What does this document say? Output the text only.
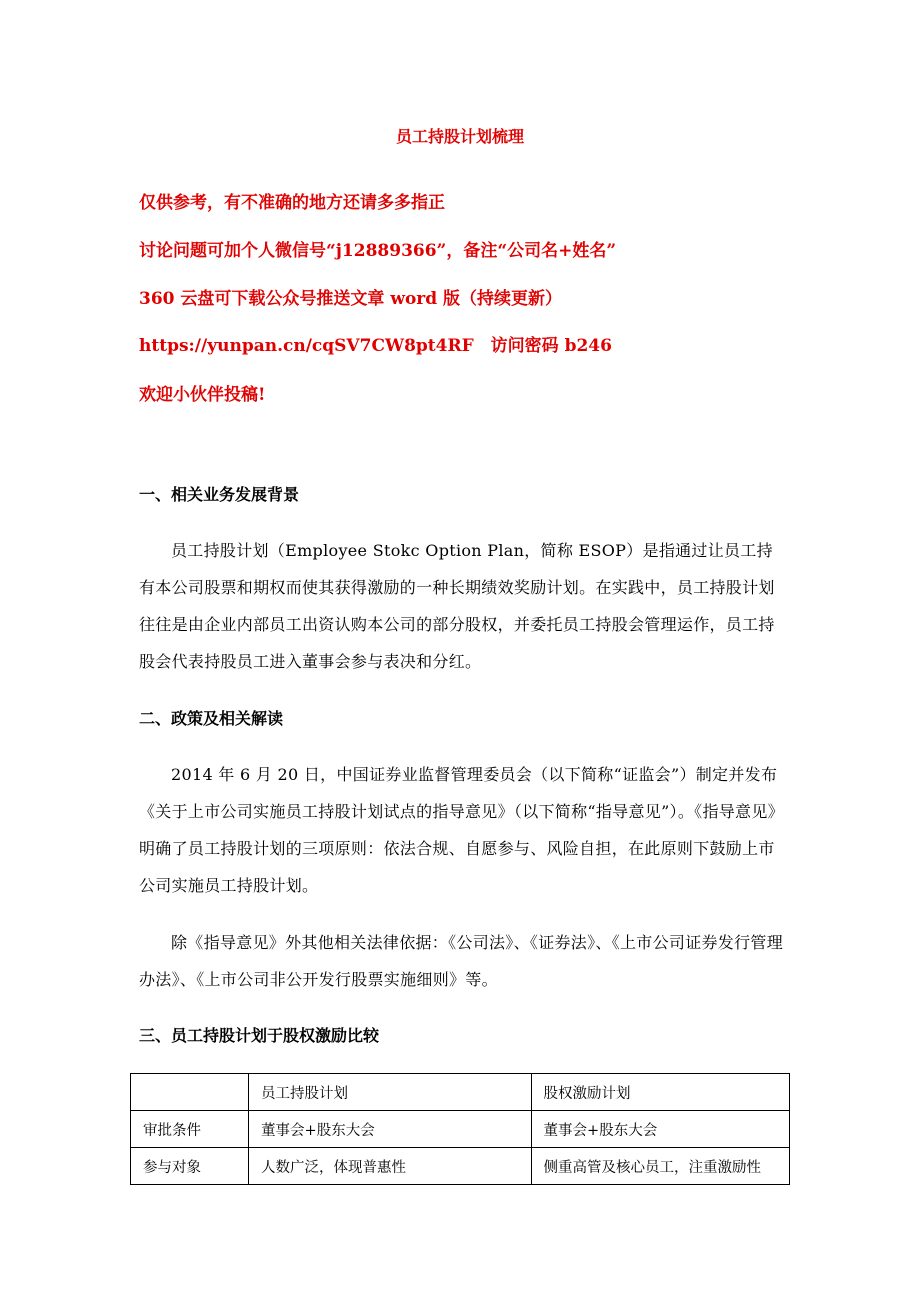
员工持股计划梳理
仅供参考，有不准确的地方还请多多指正
讨论问题可加个人微信号“j12889366”，备注“公司名+姓名”
360 云盘可下载公众号推送文章 word 版（持续更新）
https://yunpan.cn/cqSV7CW8pt4RF　访问密码 b246
欢迎小伙伴投稿!
一、相关业务发展背景
员工持股计划（Employee Stokc Option Plan，简称 ESOP）是指通过让员工持有本公司股票和期权而使其获得激励的一种长期绩效奖励计划。在实践中，员工持股计划往往是由企业内部员工出资认购本公司的部分股权，并委托员工持股会管理运作，员工持股会代表持股员工进入董事会参与表决和分红。
二、政策及相关解读
2014 年 6 月 20 日，中国证券业监督管理委员会（以下简称“证监会”）制定并发布《关于上市公司实施员工持股计划试点的指导意见》（以下简称“指导意见”）。《指导意见》明确了员工持股计划的三项原则：依法合规、自愿参与、风险自担，在此原则下鼓励上市公司实施员工持股计划。
除《指导意见》外其他相关法律依据：《公司法》、《证券法》、《上市公司证券发行管理办法》、《上市公司非公开发行股票实施细则》等。
三、员工持股计划于股权激励比较
	员工持股计划	股权激励计划
审批条件	董事会+股东大会	董事会+股东大会
参与对象	人数广泛，体现普惠性	侧重高管及核心员工，注重激励性
